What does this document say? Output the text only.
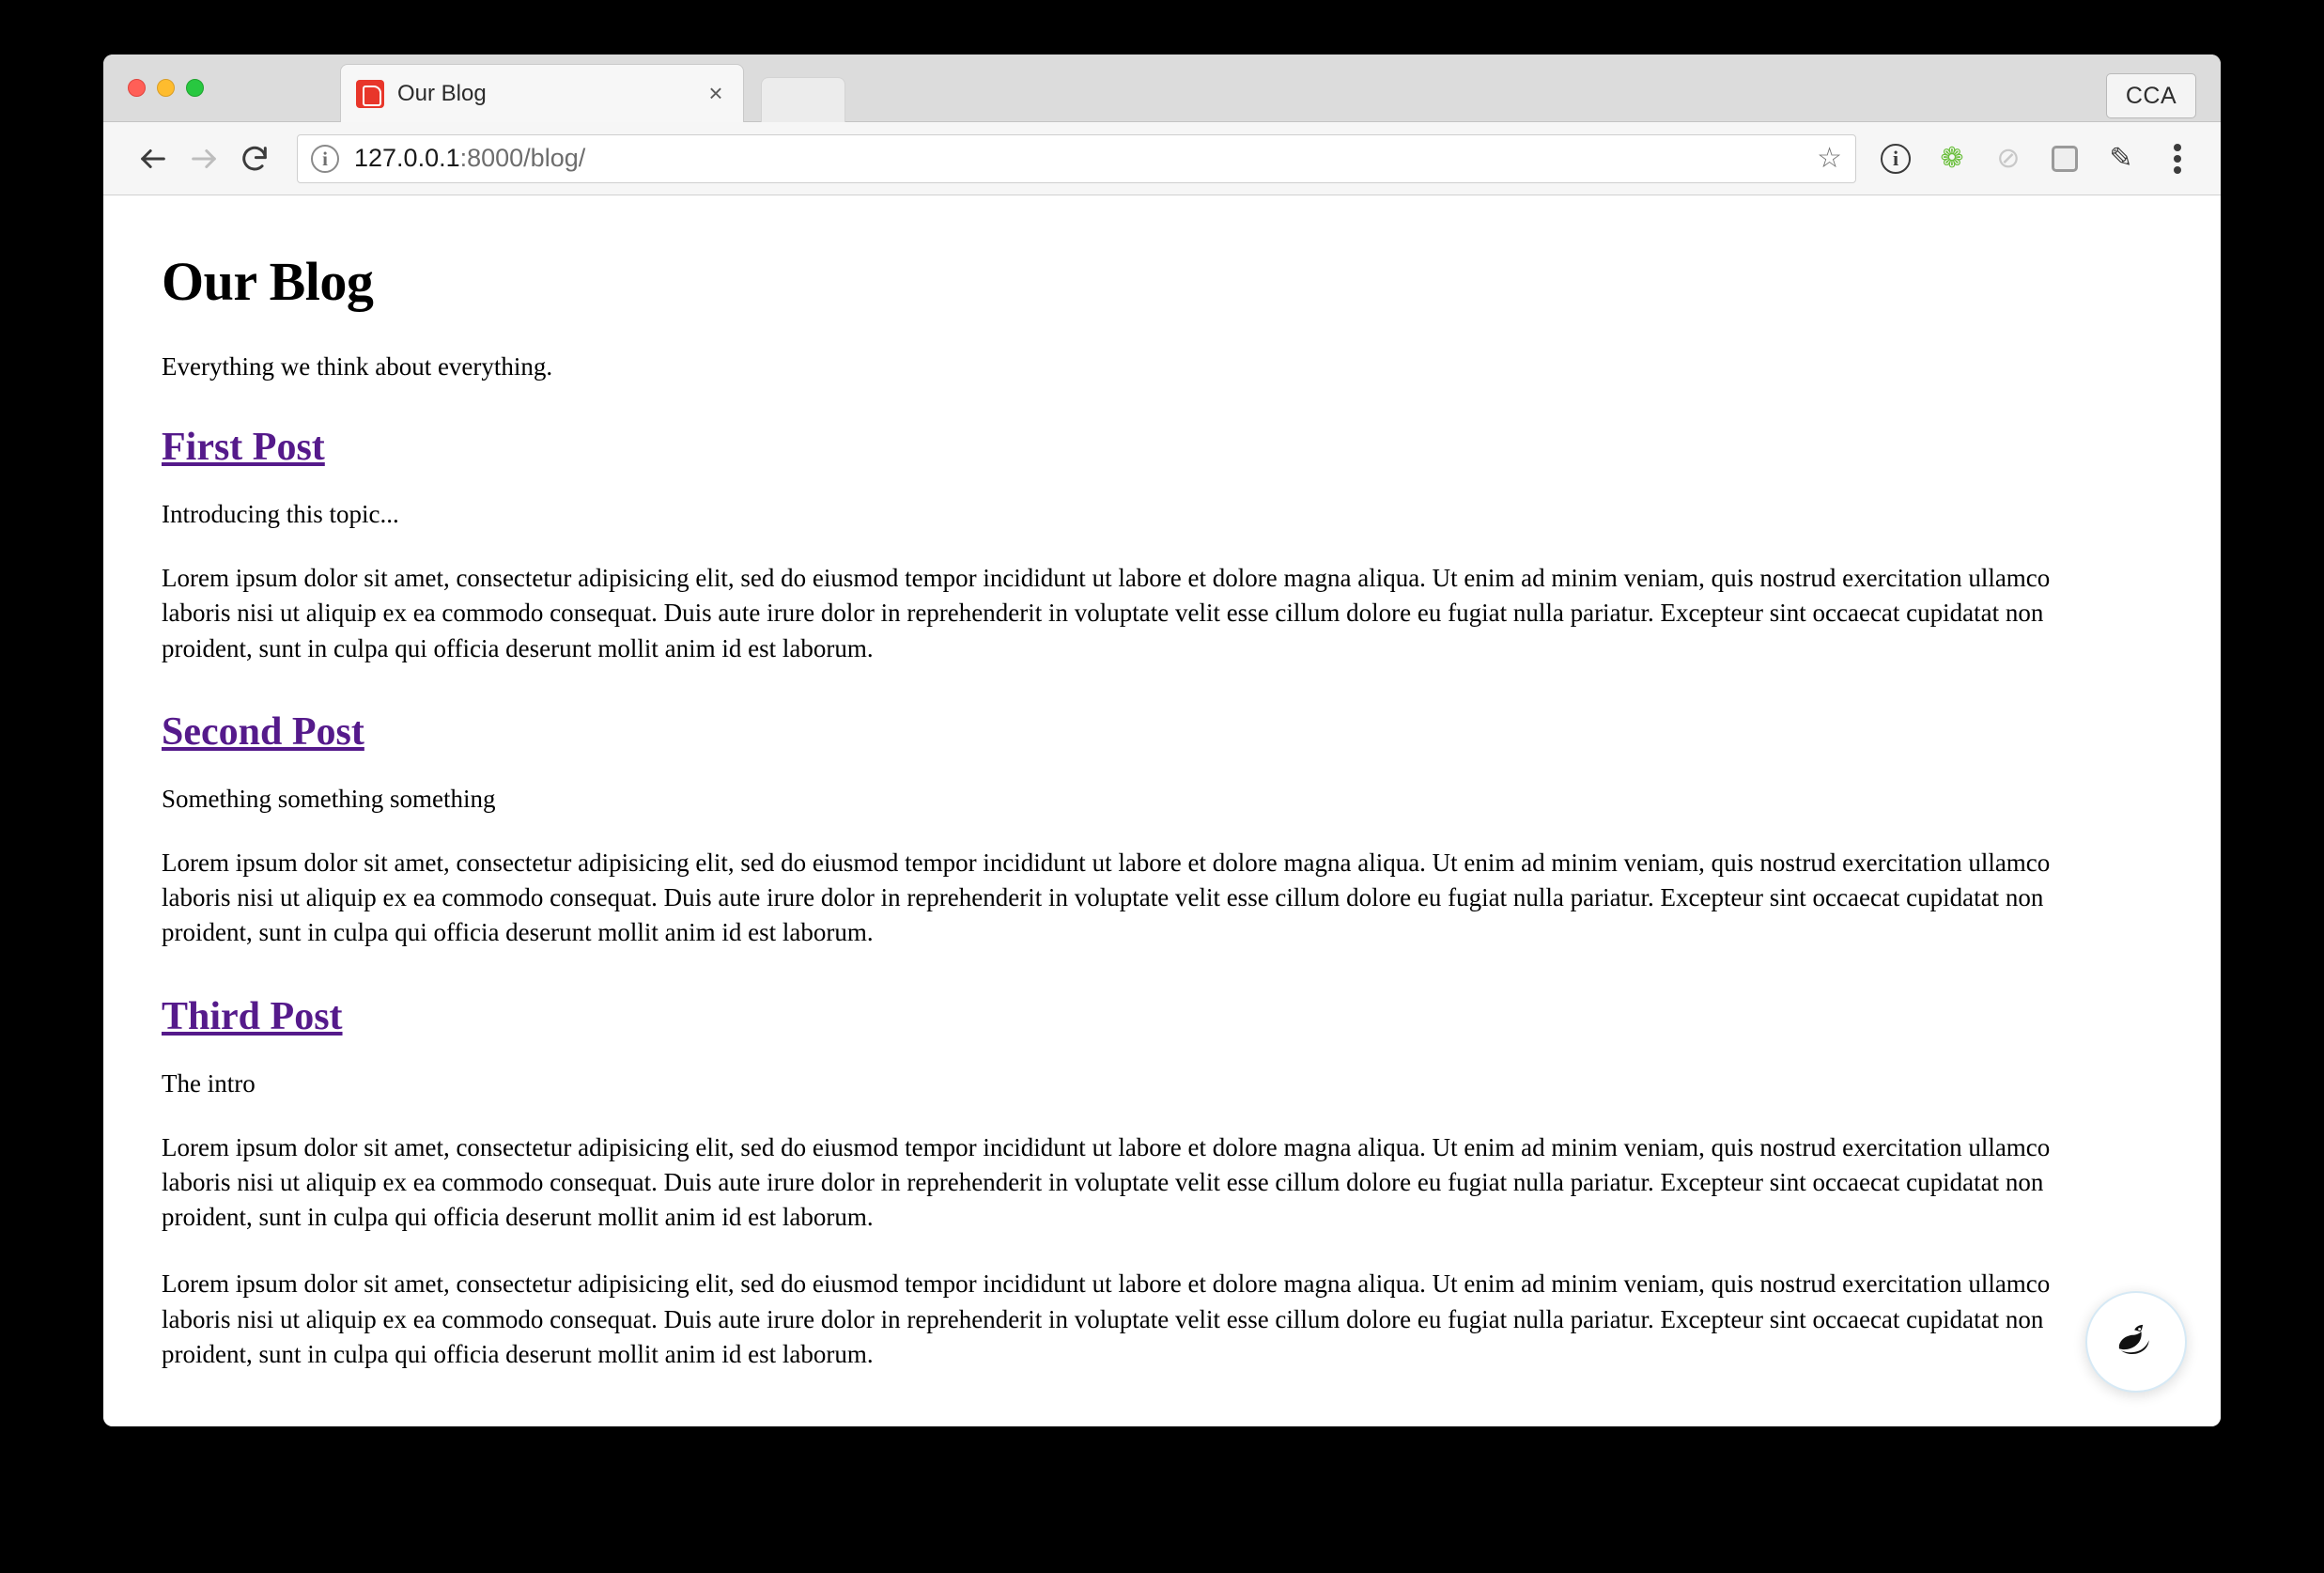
Our Blog	×	CCA
i	127.0.0.1:8000/blog/	☆	i	❁ ⊘	✎
Our Blog

Everything we think about everything.

First Post

Introducing this topic...

Lorem ipsum dolor sit amet, consectetur adipisicing elit, sed do eiusmod tempor incididunt ut labore et dolore magna aliqua. Ut enim ad minim veniam, quis nostrud exercitation ullamco laboris nisi ut aliquip ex ea commodo consequat. Duis aute irure dolor in reprehenderit in voluptate velit esse cillum dolore eu fugiat nulla pariatur. Excepteur sint occaecat cupidatat non proident, sunt in culpa qui officia deserunt mollit anim id est laborum.

Second Post

Something something something

Lorem ipsum dolor sit amet, consectetur adipisicing elit, sed do eiusmod tempor incididunt ut labore et dolore magna aliqua. Ut enim ad minim veniam, quis nostrud exercitation ullamco laboris nisi ut aliquip ex ea commodo consequat. Duis aute irure dolor in reprehenderit in voluptate velit esse cillum dolore eu fugiat nulla pariatur. Excepteur sint occaecat cupidatat non proident, sunt in culpa qui officia deserunt mollit anim id est laborum.

Third Post

The intro

Lorem ipsum dolor sit amet, consectetur adipisicing elit, sed do eiusmod tempor incididunt ut labore et dolore magna aliqua. Ut enim ad minim veniam, quis nostrud exercitation ullamco laboris nisi ut aliquip ex ea commodo consequat. Duis aute irure dolor in reprehenderit in voluptate velit esse cillum dolore eu fugiat nulla pariatur. Excepteur sint occaecat cupidatat non proident, sunt in culpa qui officia deserunt mollit anim id est laborum.

Lorem ipsum dolor sit amet, consectetur adipisicing elit, sed do eiusmod tempor incididunt ut labore et dolore magna aliqua. Ut enim ad minim veniam, quis nostrud exercitation ullamco laboris nisi ut aliquip ex ea commodo consequat. Duis aute irure dolor in reprehenderit in voluptate velit esse cillum dolore eu fugiat nulla pariatur. Excepteur sint occaecat cupidatat non proident, sunt in culpa qui officia deserunt mollit anim id est laborum.
